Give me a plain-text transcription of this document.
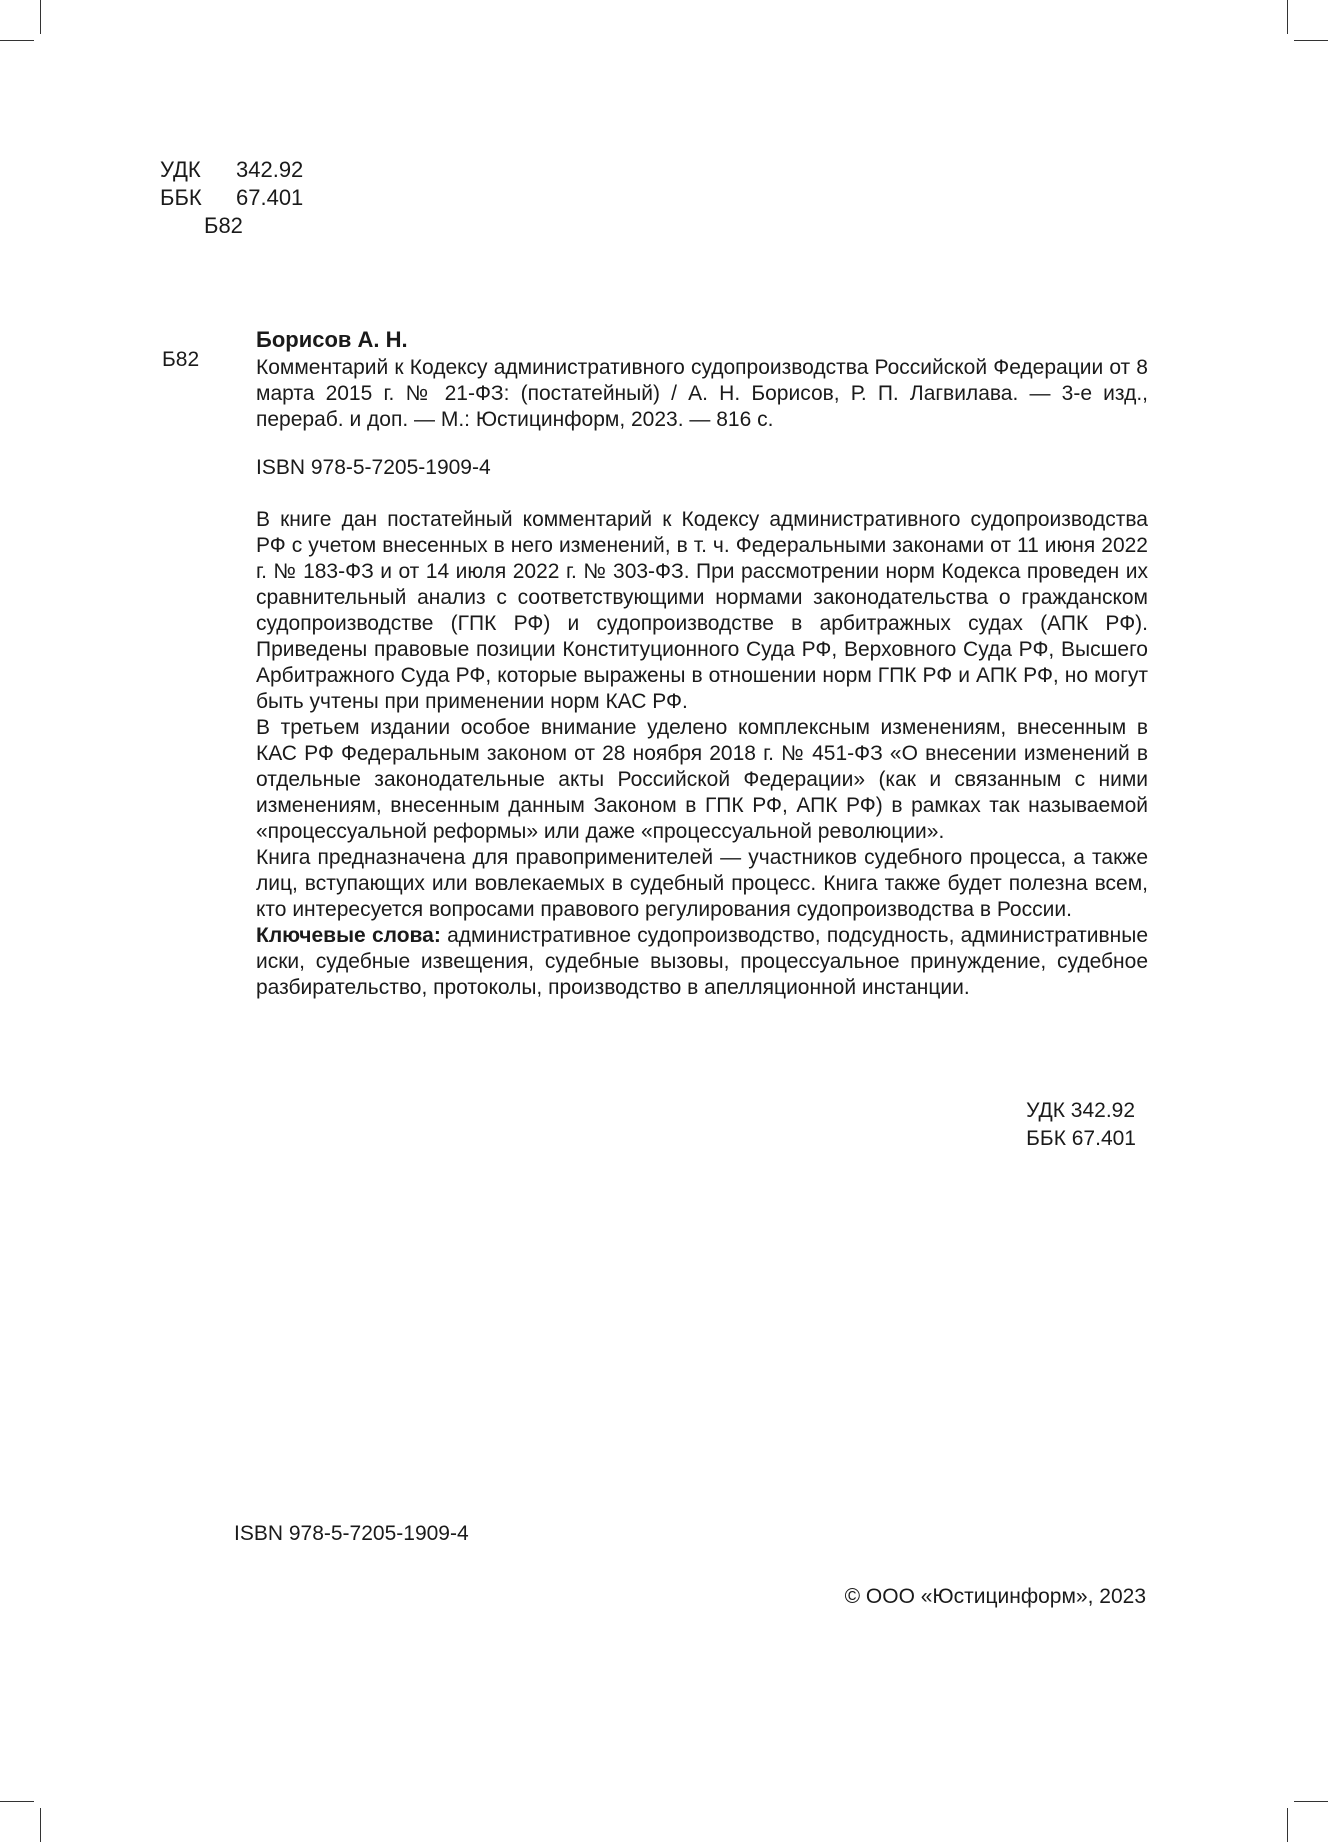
УДК	342.92
ББК	67.401
Б82
Б82

Борисов А. Н.

Комментарий к Кодексу административного судопроизводства Российской Федерации от 8 марта 2015 г. № 21-ФЗ: (постатейный) / А. Н. Борисов, Р. П. Лагвилава. — 3-е изд., перераб. и доп. — М.: Юстицинформ, 2023. — 816 с.

ISBN 978-5-7205-1909-4

В книге дан постатейный комментарий к Кодексу административного судопроизводства РФ с учетом внесенных в него изменений, в т. ч. Федеральными законами от 11 июня 2022 г. № 183-ФЗ и от 14 июля 2022 г. № 303-ФЗ. При рассмотрении норм Кодекса проведен их сравнительный анализ с соответствующими нормами законодательства о гражданском судопроизводстве (ГПК РФ) и судопроизводстве в арбитражных судах (АПК РФ). Приведены правовые позиции Конституционного Суда РФ, Верховного Суда РФ, Высшего Арбитражного Суда РФ, которые выражены в отношении норм ГПК РФ и АПК РФ, но могут быть учтены при применении норм КАС РФ.

В третьем издании особое внимание уделено комплексным изменениям, внесенным в КАС РФ Федеральным законом от 28 ноября 2018 г. № 451-ФЗ «О внесении изменений в отдельные законодательные акты Российской Федерации» (как и связанным с ними изменениям, внесенным данным Законом в ГПК РФ, АПК РФ) в рамках так называемой «процессуальной реформы» или даже «процессуальной революции».

Книга предназначена для правоприменителей — участников судебного процесса, а также лиц, вступающих или вовлекаемых в судебный процесс. Книга также будет полезна всем, кто интересуется вопросами правового регулирования судопроизводства в России.

Ключевые слова: административное судопроизводство, подсудность, административные иски, судебные извещения, судебные вызовы, процессуальное принуждение, судебное разбирательство, протоколы, производство в апелляционной инстанции.

УДК 342.92
ББК 67.401
ISBN 978-5-7205-1909-4
© ООО «Юстицинформ», 2023
